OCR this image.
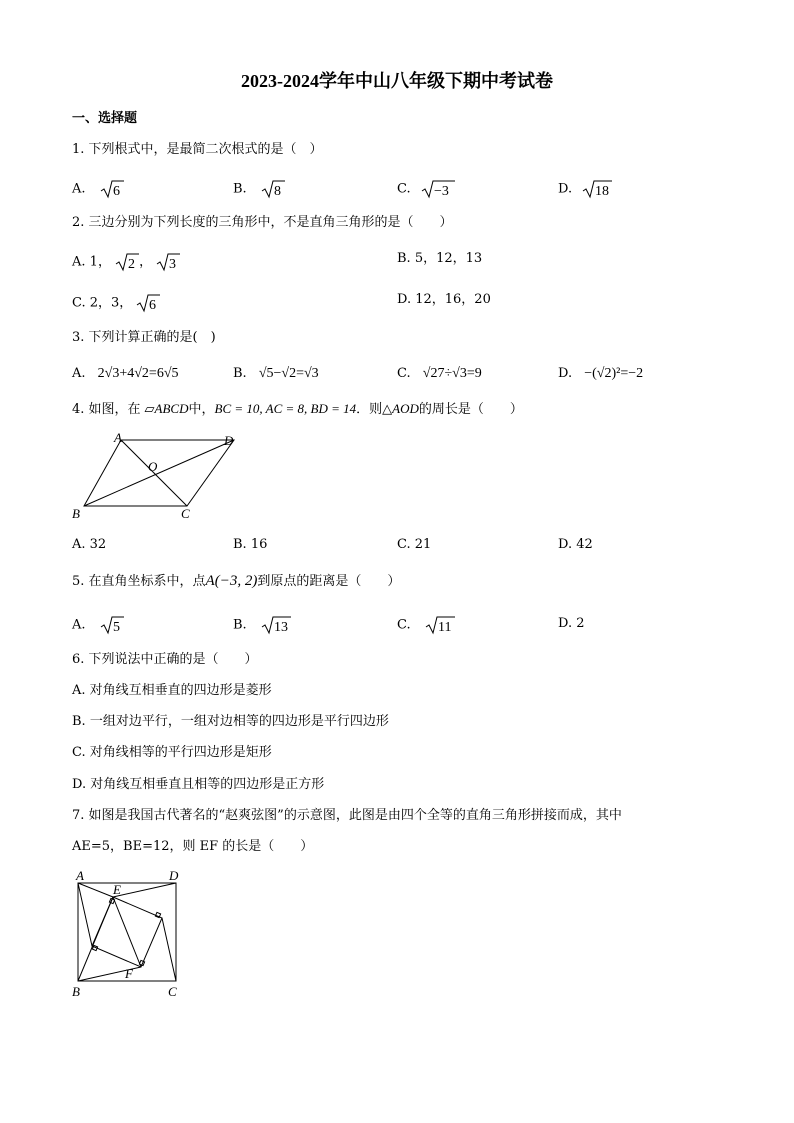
2023-2024学年中山八年级下期中考试卷
一、选择题
1. 下列根式中，是最简二次根式的是（　）
A. 6	B. 8	C. −3	D. 18
2. 三边分别为下列长度的三角形中，不是直角三角形的是（　　）
A. 1， 2 ， 3	B. 5，12，13
C. 2，3， 6	D. 12，16，20
3. 下列计算正确的是(　)
A. 2√3+4√2=6√5	B. √5−√2=√3	C. √27÷√3=9	D. −(√2)²=−2
4. 如图，在 ▱ABCD中，BC = 10, AC = 8, BD = 14．则△AOD的周长是（　　）
A	D
O
B	C
A. 32	B. 16	C. 21	D. 42
5. 在直角坐标系中，点A(−3, 2)到原点的距离是（　　）
A. 5	B. 13	C. 11	D. 2
6. 下列说法中正确的是（　　）
A. 对角线互相垂直的四边形是菱形
B. 一组对边平行，一组对边相等的四边形是平行四边形
C. 对角线相等的平行四边形是矩形
D. 对角线互相垂直且相等的四边形是正方形
7. 如图是我国古代著名的“赵爽弦图”的示意图，此图是由四个全等的直角三角形拼接而成，其中
AE=5，BE=12，则 EF 的长是（　　）
A	D
E
F
B	C
